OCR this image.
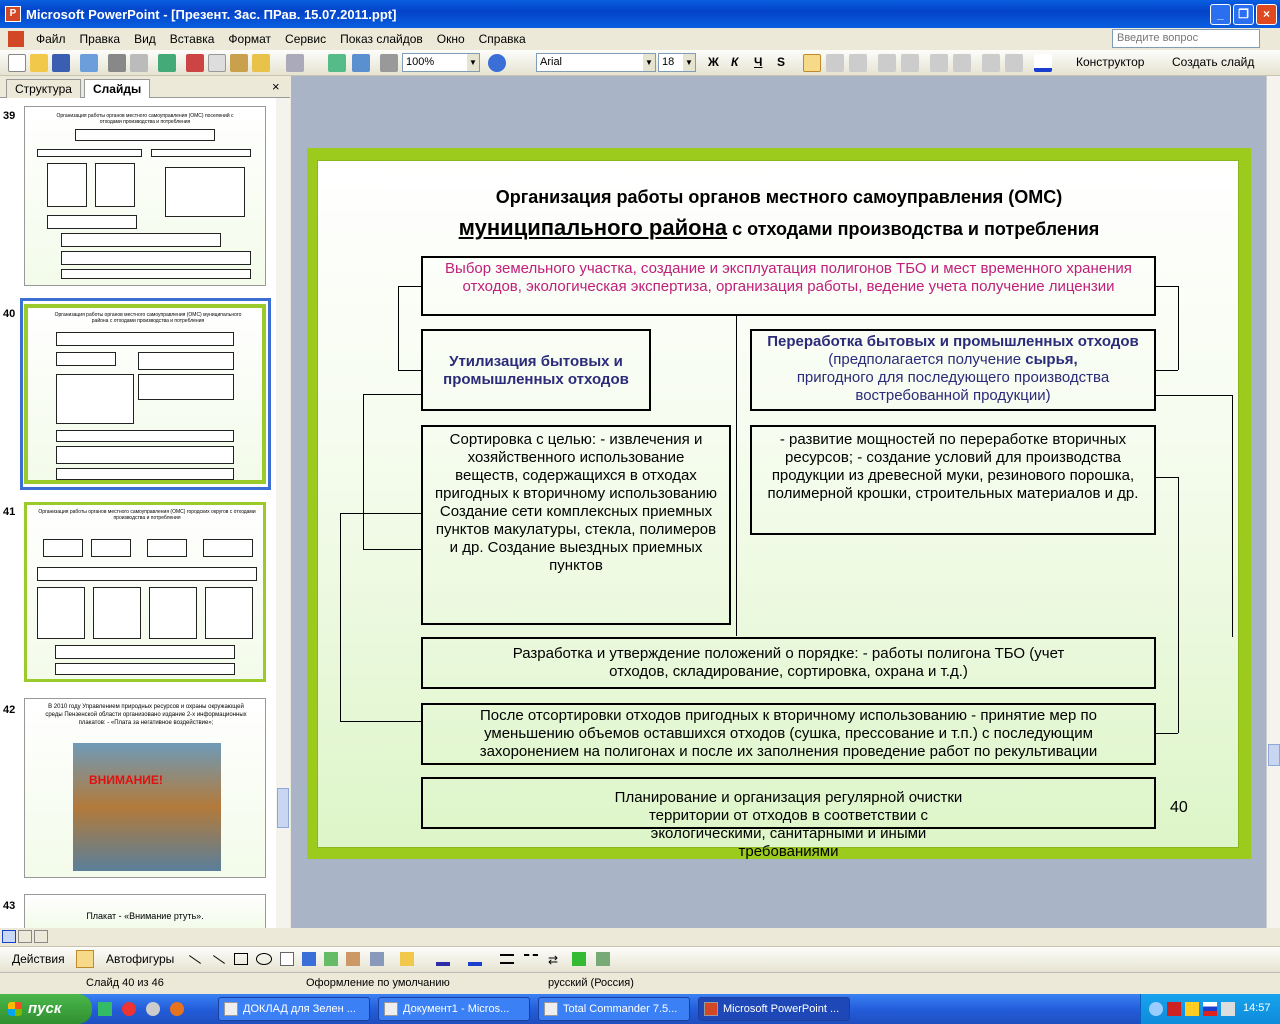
P Microsoft PowerPoint - [Презент. Зас. ПРав. 15.07.2011.ppt]	_	❐	×
Файл Правка Вид Вставка Формат Сервис Показ слайдов Окно Справка	Введите вопрос
100%	▼	Arial	▼ 18 ▼ Ж К Ч S	Конструктор Создать слайд
Структура	Слайды	×
39	Организация работы органов местного самоуправления (ОМС) поселений с отходами производства и потребления
40	Организация работы органов местного самоуправления (ОМС) муниципального района с отходами производства и потребления
41	Организация работы органов местного самоуправления (ОМС) городских округов с отходами производства и потребления
42	В 2010 году Управлением природных ресурсов и охраны окружающей среды Пензенской области организовано издание 2-х информационных плакатов: - «Плата за негативное воздействие»;
ВНИМАНИЕ!
43
Плакат - «Внимание ртуть».
Организация работы органов местного самоуправления (ОМС)
муниципального района с отходами производства и потребления
Выбор земельного участка, создание и эксплуатация полигонов ТБО и мест временного хранения отходов, экологическая экспертиза, организация работы, ведение учета получение лицензии
Утилизация бытовых и промышленных отходов
Переработка бытовых и промышленных отходов
(предполагается получение сырья,
пригодного для последующего производства востребованной продукции)
Сортировка с целью: - извлечения и хозяйственного использование веществ, содержащихся в отходах пригодных к вторичному использованию Создание сети комплексных приемных пунктов макулатуры, стекла, полимеров и др. Создание выездных приемных пунктов
- развитие мощностей по переработке вторичных ресурсов; - создание условий для производства продукции из древесной муки, резинового порошка, полимерной крошки, строительных материалов и др.
Разработка и утверждение положений о порядке: - работы полигона ТБО (учет отходов, складирование, сортировка, охрана и т.д.)
После отсортировки отходов пригодных к вторичному использованию - принятие мер по уменьшению объемов оставшихся отходов (сушка, прессование и т.п.) с последующим захоронением на полигонах и после их заполнения проведение работ по рекультивации
Планирование и организация регулярной очистки территории от отходов в соответствии с экологическими, санитарными и иными требованиями
40
Действия	Автофигуры	⇄
Слайд 40 из 46	Оформление по умолчанию	русский (Россия)
пуск	ДОКЛАД для Зелен ...	Документ1 - Micros...	Total Commander 7.5...	Microsoft PowerPoint ...	14:57
